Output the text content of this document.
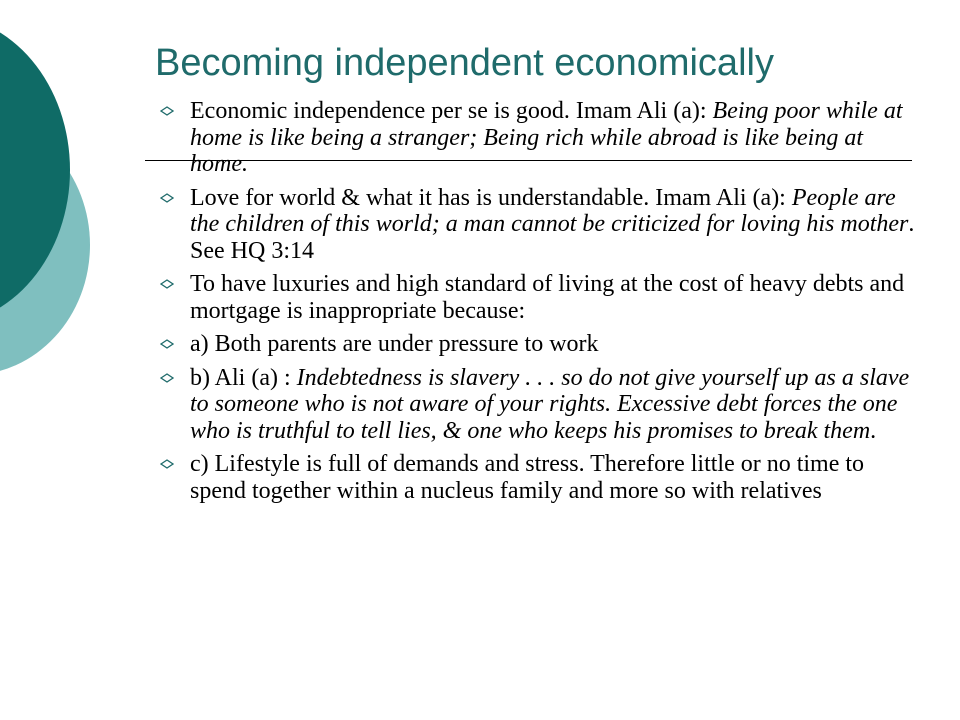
Becoming independent economically
Economic independence per se is good. Imam Ali (a): Being poor while at home is like being a stranger; Being rich while abroad is like being at home.
Love for world & what it has is understandable. Imam Ali (a): People are the children of this world; a man cannot be criticized for loving his mother. See HQ 3:14
To have luxuries and high standard of living at the cost of heavy debts and mortgage is inappropriate because:
a) Both parents are under pressure to work
b) Ali (a) : Indebtedness is slavery . . . so do not give yourself up as a slave to someone who is not aware of your rights. Excessive debt forces the one who is truthful to tell lies, & one who keeps his promises to break them.
c) Lifestyle is full of demands and stress. Therefore little or no time to spend together within a nucleus family and more so with relatives
